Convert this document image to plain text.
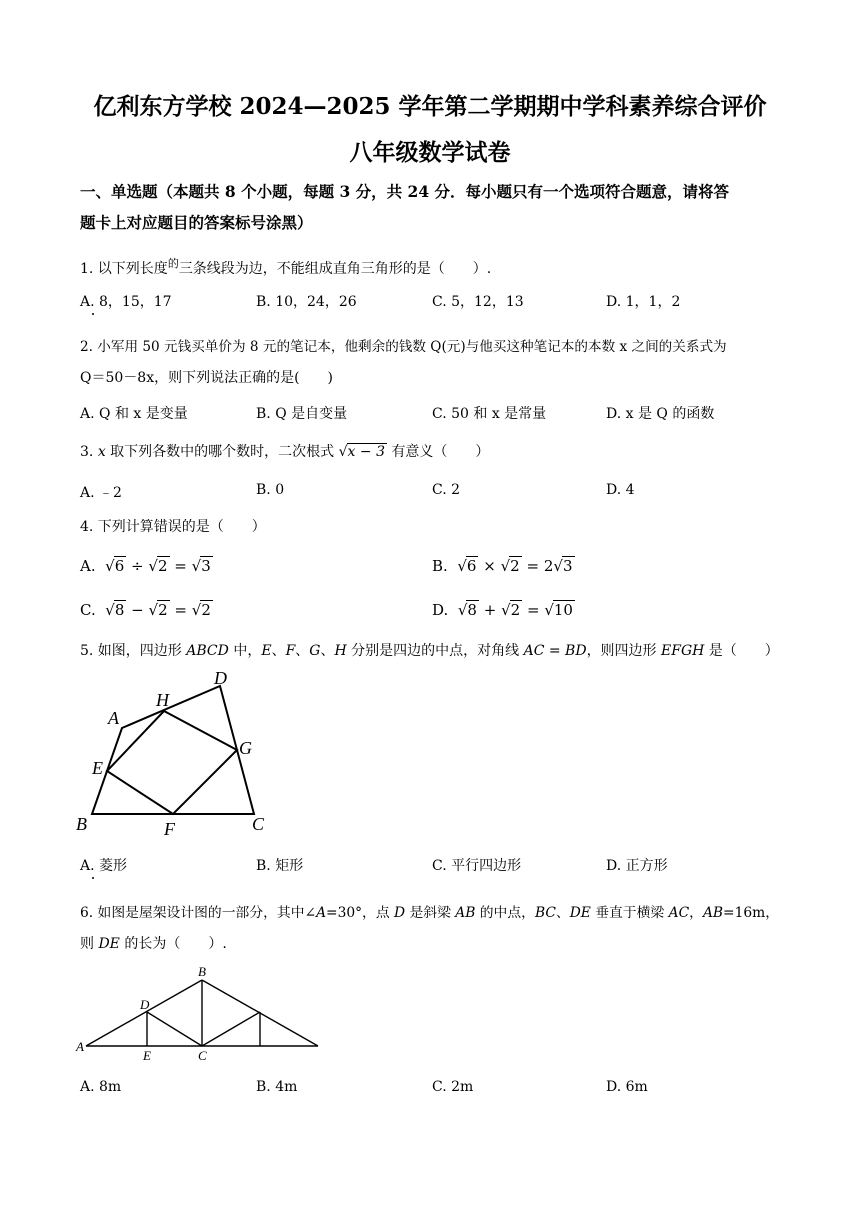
亿利东方学校 2024—2025 学年第二学期期中学科素养综合评价
八年级数学试卷
一、单选题（本题共 8 个小题，每题 3 分，共 24 分．每小题只有一个选项符合题意，请将答
题卡上对应题目的答案标号涂黑）
1. 以下列长度$^的$三条线段为边，不能组成直角三角形的是（　　）.
A. 8，15，17	B. 10，24，26	C. 5，12，13	D. 1，1，2
2. 小军用 50 元钱买单价为 8 元的笔记本，他剩余的钱数 Q(元)与他买这种笔记本的本数 x 之间的关系式为
Q＝50－8x，则下列说法正确的是(　　)
A. Q 和 x 是变量	B. Q 是自变量	C. 50 和 x 是常量	D. x 是 Q 的函数
3. x 取下列各数中的哪个数时，二次根式 √x − 3 有意义（　　）
A. ﹣2	B. 0	C. 2	D. 4
4. 下列计算错误的是（　　）
A. √6 ÷ √2 = √3	B. √6 × √2 = 2√3
C. √8 − √2 = √2	D. √8 + √2 = √10
5. 如图，四边形 ABCD 中，E、F、G、H 分别是四边的中点，对角线 AC = BD，则四边形 EFGH 是（　　）
A
B	C
D
E
F
G
H
A. 菱形	B. 矩形	C. 平行四边形	D. 正方形
6. 如图是屋架设计图的一部分，其中∠A=30°，点 D 是斜梁 AB 的中点，BC、DE 垂直于横梁 AC，AB=16m，
则 DE 的长为（　　）.
A
B
C
D
E
A. 8m	B. 4m	C. 2m	D. 6m
